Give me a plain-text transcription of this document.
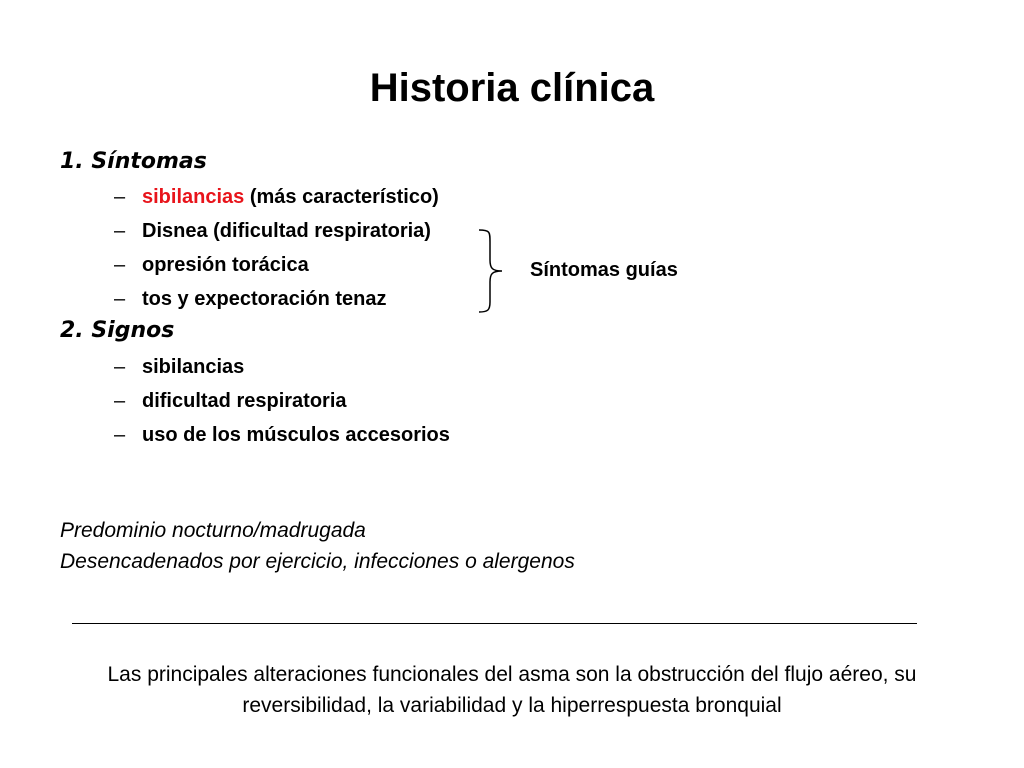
Historia clínica

1. Síntomas

– sibilancias (más característico)
– Disnea (dificultad respiratoria)
– opresión torácica
– tos y expectoración tenaz
Síntomas guías

2. Signos

– sibilancias
– dificultad respiratoria
– uso de los músculos accesorios

Predominio nocturno/madrugada

Desencadenados por ejercicio, infecciones o alergenos

Las principales alteraciones funcionales del asma son la obstrucción del flujo aéreo, su reversibilidad, la variabilidad y la hiperrespuesta bronquial
